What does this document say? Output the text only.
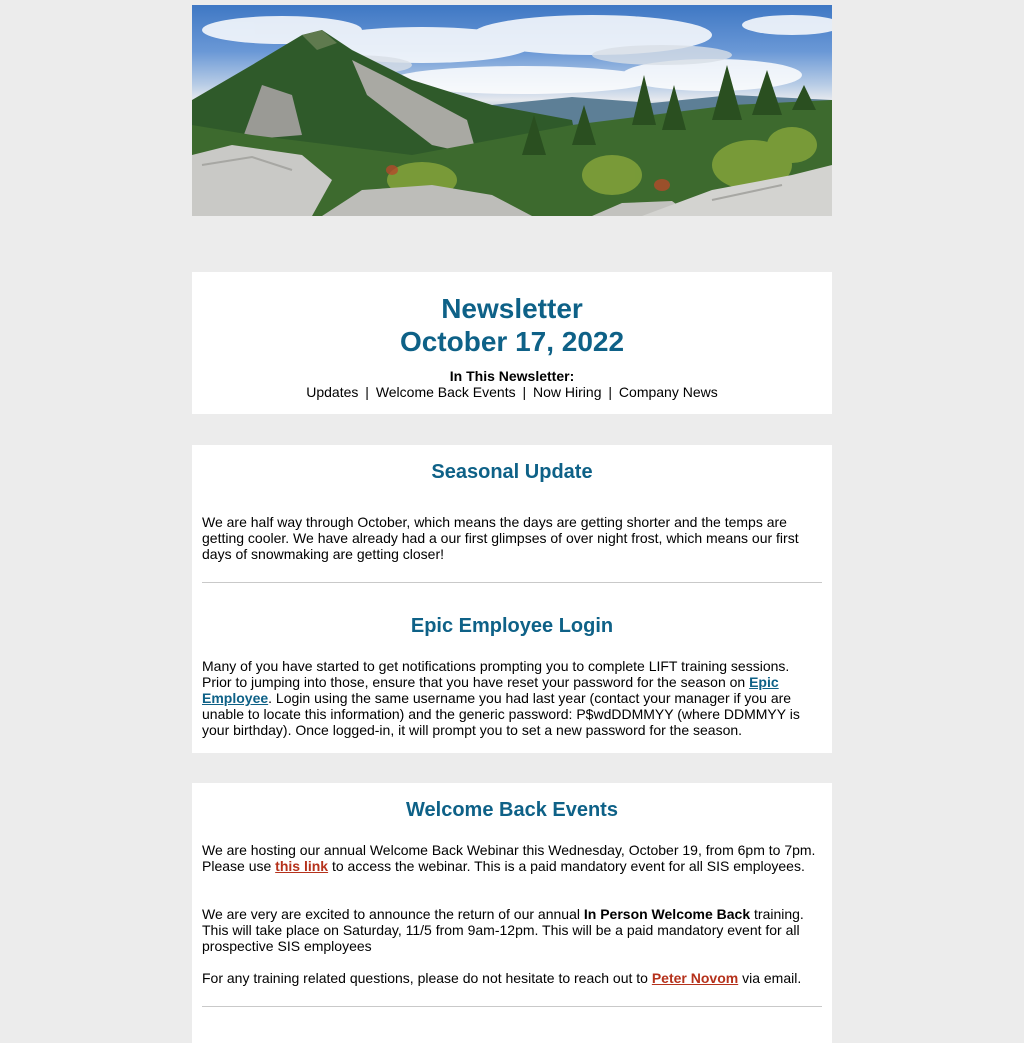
Newsletter
October 17, 2022
In This Newsletter:
Updates | Welcome Back Events | Now Hiring | Company News
Seasonal Update

We are half way through October, which means the days are getting shorter and the temps are getting cooler. We have already had a our first glimpses of over night frost, which means our first days of snowmaking are getting closer!

Epic Employee Login

Many of you have started to get notifications prompting you to complete LIFT training sessions. Prior to jumping into those, ensure that you have reset your password for the season on Epic Employee. Login using the same username you had last year (contact your manager if you are unable to locate this information) and the generic password: P$wdDDMMYY (where DDMMYY is your birthday). Once logged-in, it will prompt you to set a new password for the season.

Welcome Back Events

We are hosting our annual Welcome Back Webinar this Wednesday, October 19, from 6pm to 7pm. Please use this link to access the webinar. This is a paid mandatory event for all SIS employees.

We are very are excited to announce the return of our annual In Person Welcome Back training. This will take place on Saturday, 11/5 from 9am-12pm. This will be a paid mandatory event for all prospective SIS employees

For any training related questions, please do not hesitate to reach out to Peter Novom via email.
